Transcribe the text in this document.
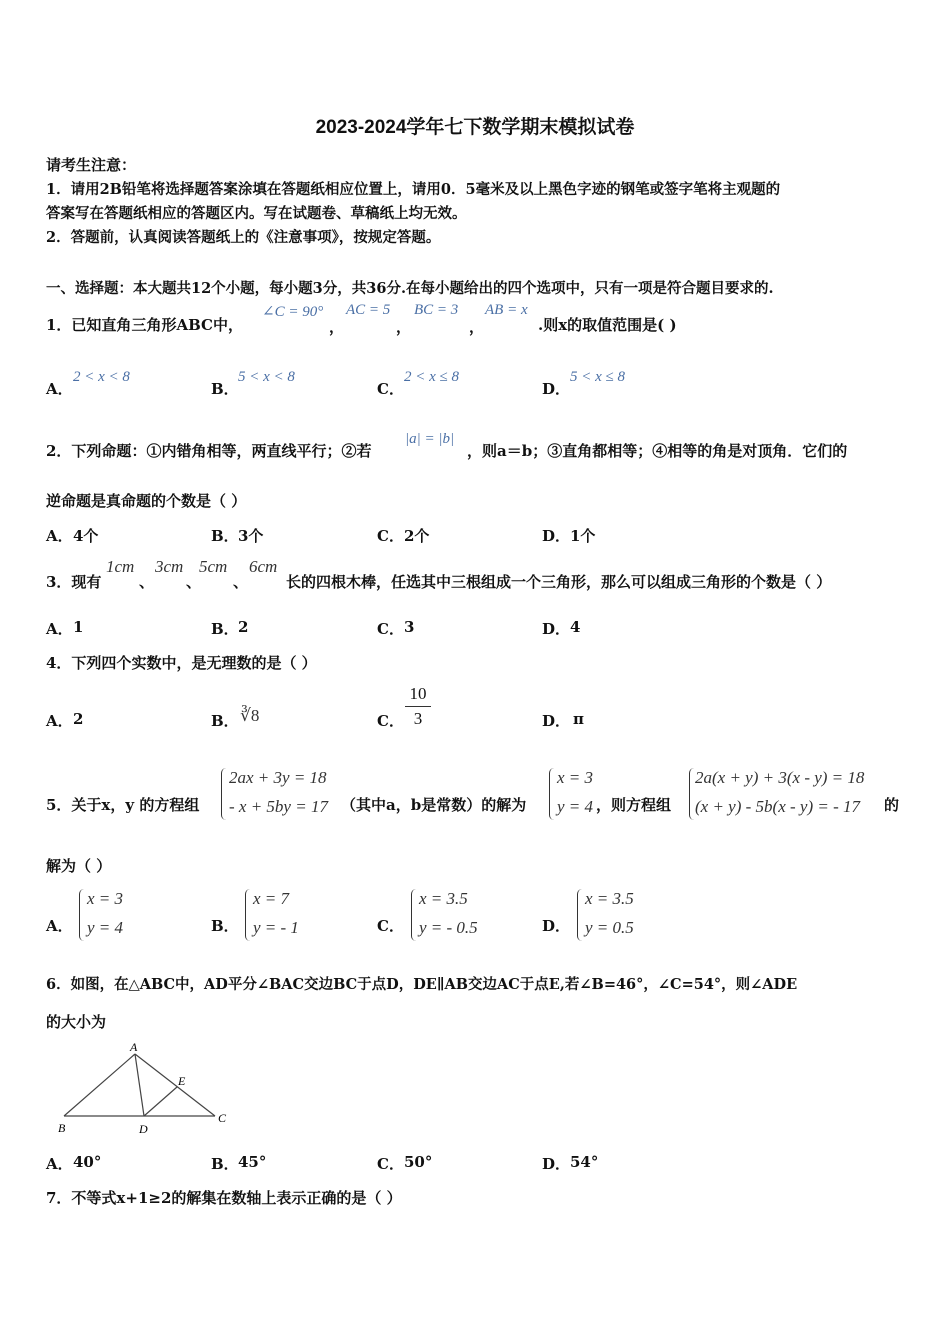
2023-2024学年七下数学期末模拟试卷
请考生注意：
1．请用2B铅笔将选择题答案涂填在答题纸相应位置上，请用0．5毫米及以上黑色字迹的钢笔或签字笔将主观题的
答案写在答题纸相应的答题区内。写在试题卷、草稿纸上均无效。
2．答题前，认真阅读答题纸上的《注意事项》，按规定答题。
一、选择题：本大题共12个小题，每小题3分，共36分.在每小题给出的四个选项中，只有一项是符合题目要求的.
1．已知直角三角形ABC中，
∠C = 90°
，
AC = 5
，
BC = 3
，
AB = x
.则x的取值范围是( )
A．
2 < x < 8
B．
5 < x < 8
C．
2 < x ≤ 8
D．
5 < x ≤ 8
2．下列命题：①内错角相等，两直线平行；②若
|a| = |b|
，则a＝b；③直角都相等；④相等的角是对顶角．它们的
逆命题是真命题的个数是（ ）
A． 4个	B． 3个	C． 2个	D． 1个
3．现有
1cm
、
3cm
、
5cm
、
6cm
长的四根木棒，任选其中三根组成一个三角形，那么可以组成三角形的个数是（ ）
A． 1	B． 2	C． 3	D． 4
4．下列四个实数中，是无理数的是（ ）
A． 2	B． ∛8	C．
10
3	D． π
5．关于x，y 的方程组
2ax + 3y = 18
- x + 5by = 17 （其中a，b是常数）的解为
x = 3
y = 4 ，则方程组
2a(x + y) + 3(x - y) = 18
(x + y) - 5b(x - y) = - 17 的
解为（ ）
A．
x = 3
y = 4	B．
x = 7
y = - 1	C．
x = 3.5
y = - 0.5	D．
x = 3.5
y = 0.5
6．如图，在△ABC中，AD平分∠BAC交边BC于点D，DE∥AB交边AC于点E,若∠B=46°，∠C=54°，则∠ADE
的大小为
A
B
C
D
E
A． 40°	B． 45°	C． 50°	D． 54°
7．不等式x+1≥2的解集在数轴上表示正确的是（ ）
